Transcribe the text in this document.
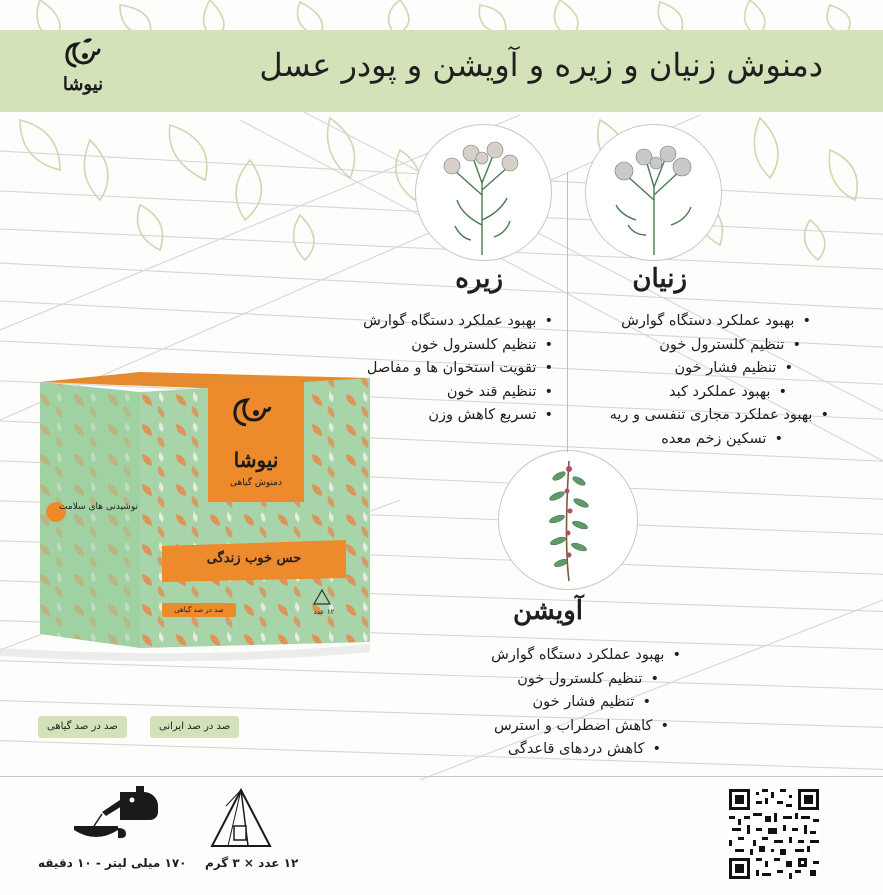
دمنوش زنیان و زیره و آویشن و پودر عسل
نیوشا
زنیان
• بهبود عملکرد دستگاه گوارش
• تنظیم کلسترول خون
• تنظیم فشار خون
• بهبود عملکرد کبد
• بهبود عملکرد مجاری تنفسی و ریه
• تسکین زخم معده
زیره
• بهبود عملکرد دستگاه گوارش
• تنظیم کلسترول خون
• تقویت استخوان ها و مفاصل
• تنظیم قند خون
• تسریع کاهش وزن
آویشن
• بهبود عملکرد دستگاه گوارش
• تنظیم کلسترول خون
• تنظیم فشار خون
• کاهش اضطراب و استرس
• کاهش دردهای قاعدگی
نیوشا
دمنوش گیاهی
حس خوب زندگی
صد در صد گیاهی
نوشیدنی های سلامت
۱۲ عدد
صد در صد ایرانی
صد در صد گیاهی
۱۷۰ میلی لیتر - ۱۰ دقیقه ۱۲ عدد × ۳ گرم
